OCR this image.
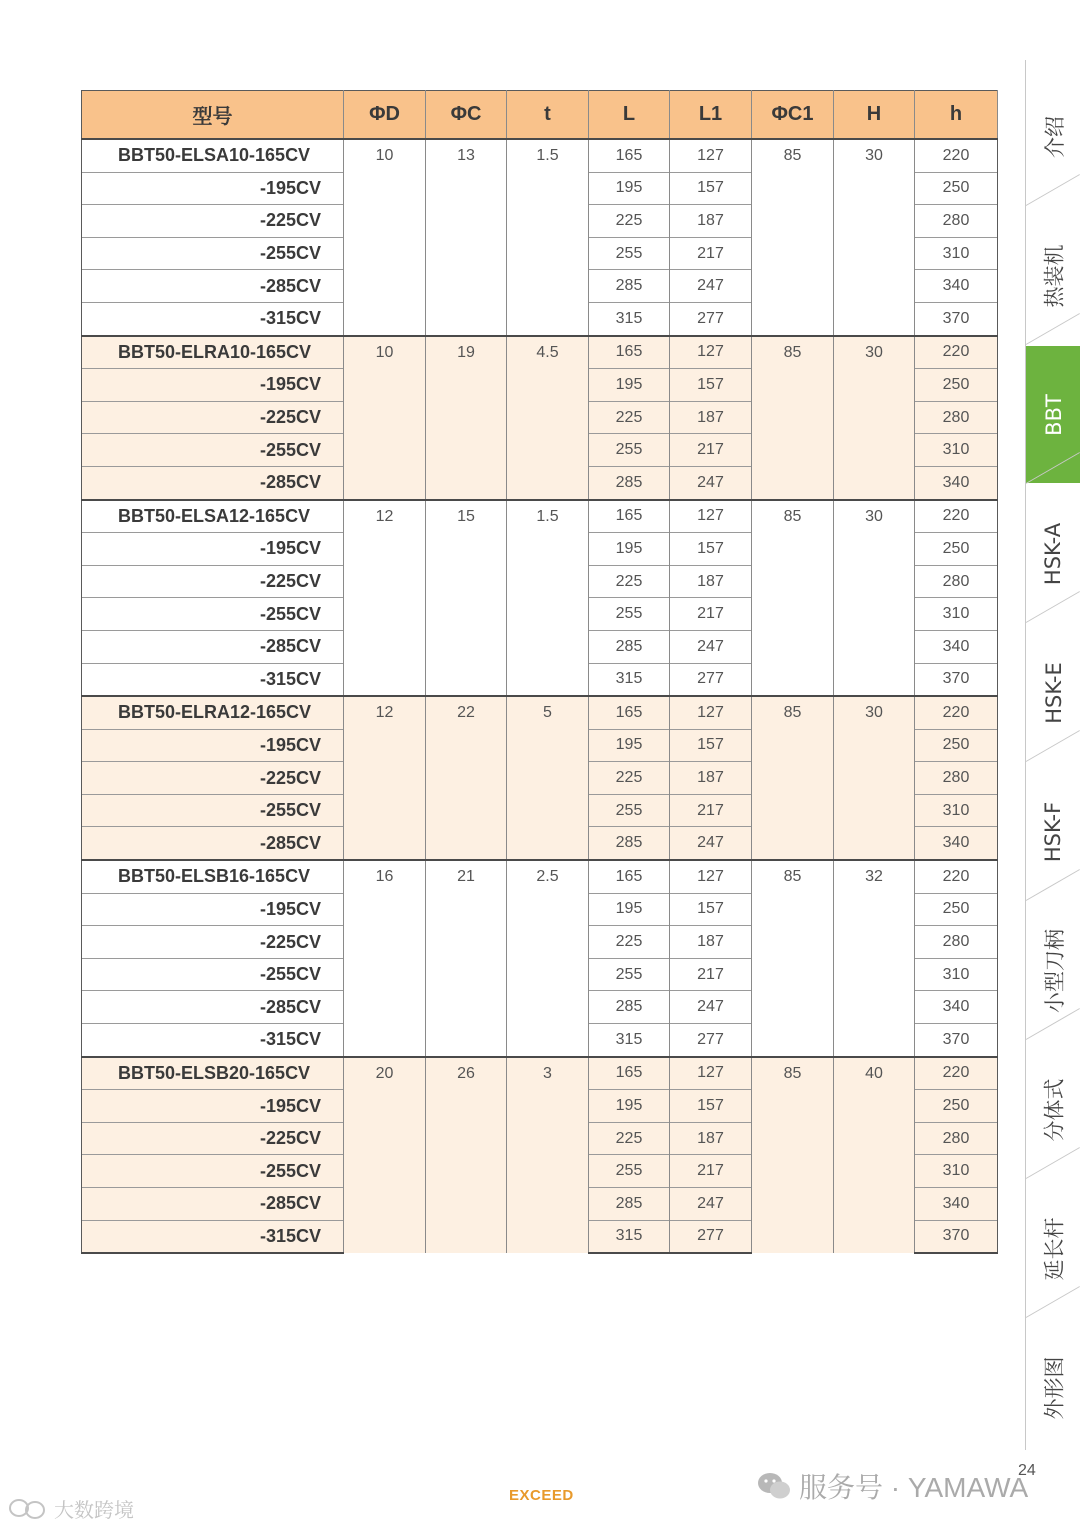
型号	ΦD	ΦC	t	L	L1	ΦC1	H	h
BBT50-ELSA10-165CV	10	13	1.5	165	127	85	30	220
-195CV				195	157			250
-225CV				225	187			280
-255CV				255	217			310
-285CV				285	247			340
-315CV				315	277			370
BBT50-ELRA10-165CV	10	19	4.5	165	127	85	30	220
-195CV				195	157			250
-225CV				225	187			280
-255CV				255	217			310
-285CV				285	247			340
BBT50-ELSA12-165CV	12	15	1.5	165	127	85	30	220
-195CV				195	157			250
-225CV				225	187			280
-255CV				255	217			310
-285CV				285	247			340
-315CV				315	277			370
BBT50-ELRA12-165CV	12	22	5	165	127	85	30	220
-195CV				195	157			250
-225CV				225	187			280
-255CV				255	217			310
-285CV				285	247			340
BBT50-ELSB16-165CV	16	21	2.5	165	127	85	32	220
-195CV				195	157			250
-225CV				225	187			280
-255CV				255	217			310
-285CV				285	247			340
-315CV				315	277			370
BBT50-ELSB20-165CV	20	26	3	165	127	85	40	220
-195CV				195	157			250
-225CV				225	187			280
-255CV				255	217			310
-285CV				285	247			340
-315CV				315	277			370
介绍
热装机
BBT
HSK-A
HSK-E
HSK-F
小型刀柄
分体式
延长杆
外形图
24
EXCEED	服务号 · YAMAWA
大数跨境
